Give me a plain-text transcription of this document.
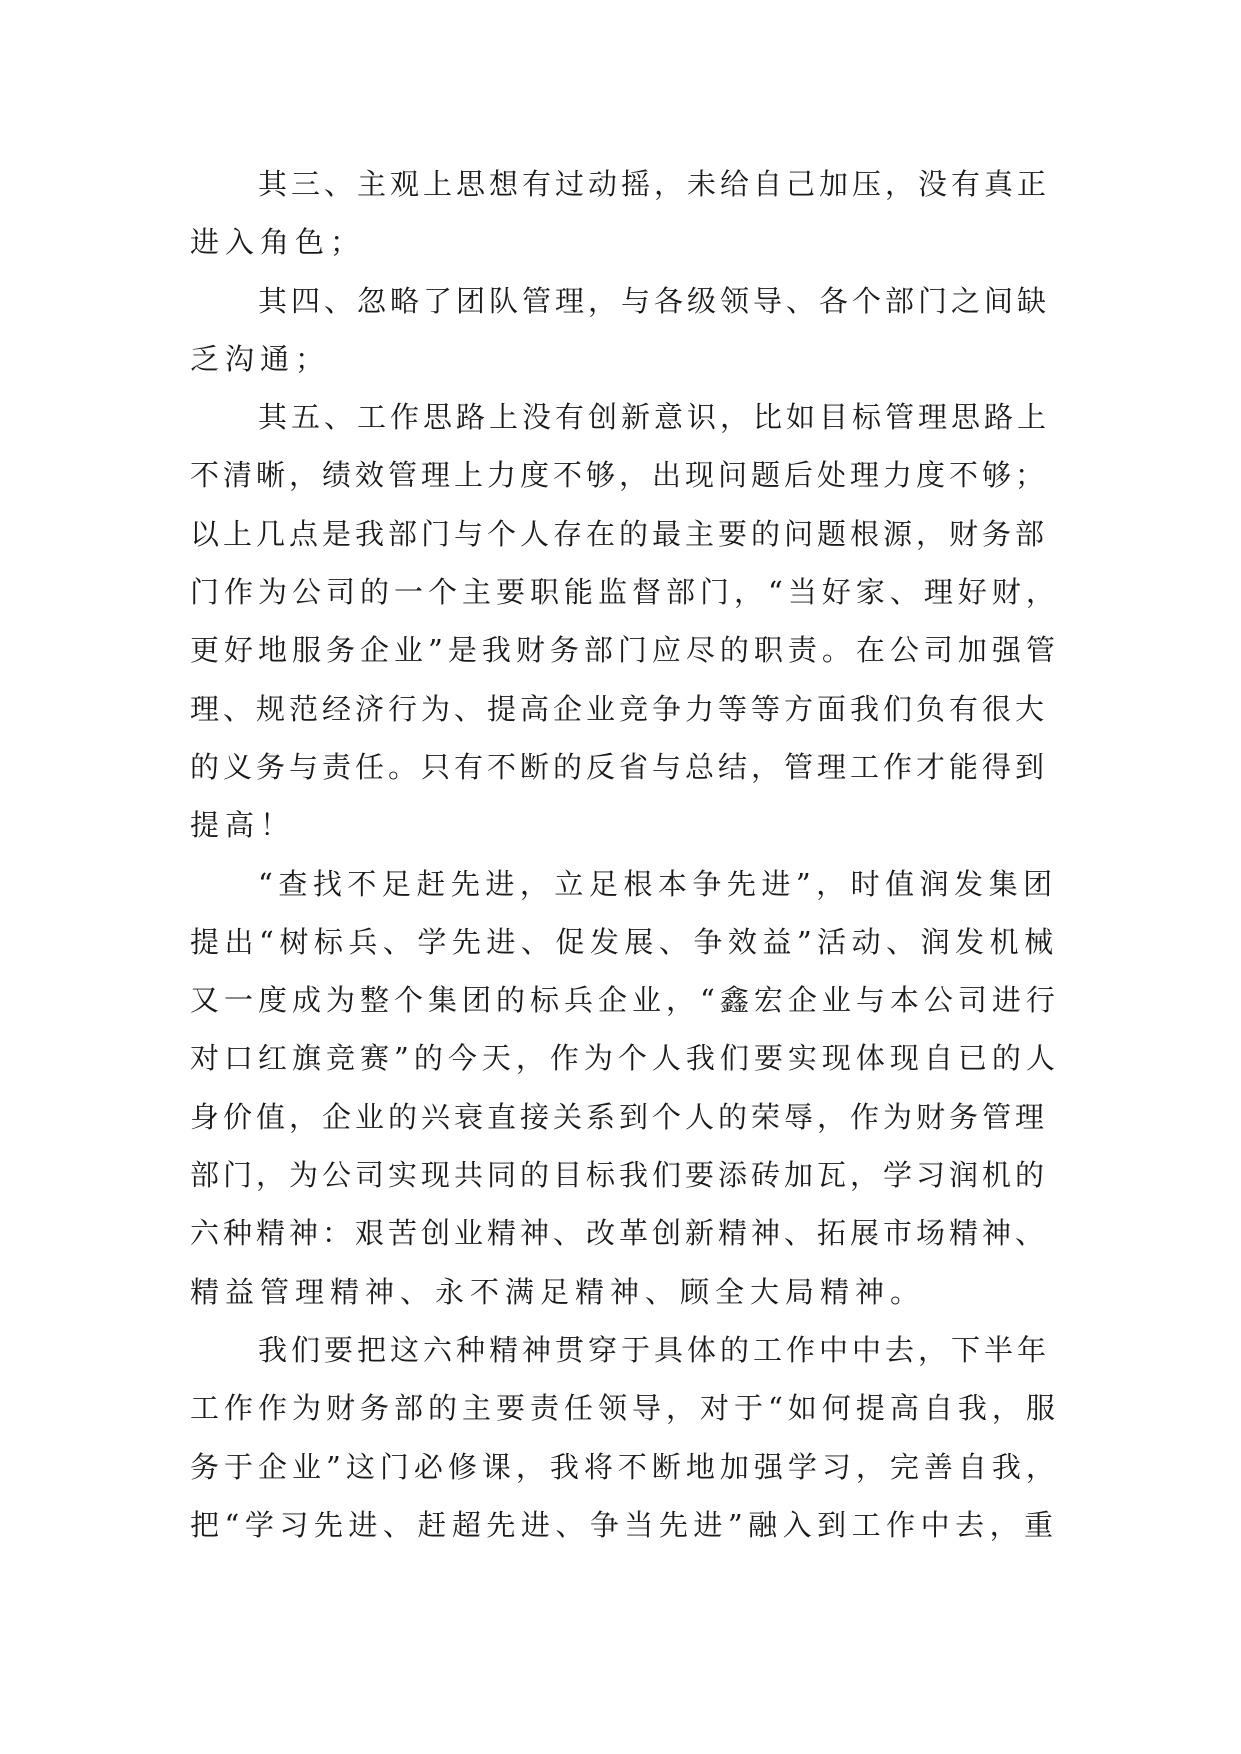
其三、主观上思想有过动摇，未给自己加压，没有真正
进入角色；
其四、忽略了团队管理，与各级领导、各个部门之间缺
乏沟通；
其五、工作思路上没有创新意识，比如目标管理思路上
不清晰，绩效管理上力度不够，出现问题后处理力度不够；
以上几点是我部门与个人存在的最主要的问题根源，财务部
门作为公司的一个主要职能监督部门，“当好家、理好财，
更好地服务企业”是我财务部门应尽的职责。在公司加强管
理、规范经济行为、提高企业竞争力等等方面我们负有很大
的义务与责任。只有不断的反省与总结，管理工作才能得到
提高！
“查找不足赶先进，立足根本争先进”，时值润发集团
提出“树标兵、学先进、促发展、争效益”活动、润发机械
又一度成为整个集团的标兵企业，“鑫宏企业与本公司进行
对口红旗竞赛”的今天，作为个人我们要实现体现自已的人
身价值，企业的兴衰直接关系到个人的荣辱，作为财务管理
部门，为公司实现共同的目标我们要添砖加瓦，学习润机的
六种精神：艰苦创业精神、改革创新精神、拓展市场精神、
精益管理精神、永不满足精神、顾全大局精神。
我们要把这六种精神贯穿于具体的工作中中去，下半年
工作作为财务部的主要责任领导，对于“如何提高自我，服
务于企业”这门必修课，我将不断地加强学习，完善自我，
把“学习先进、赶超先进、争当先进”融入到工作中去，重
